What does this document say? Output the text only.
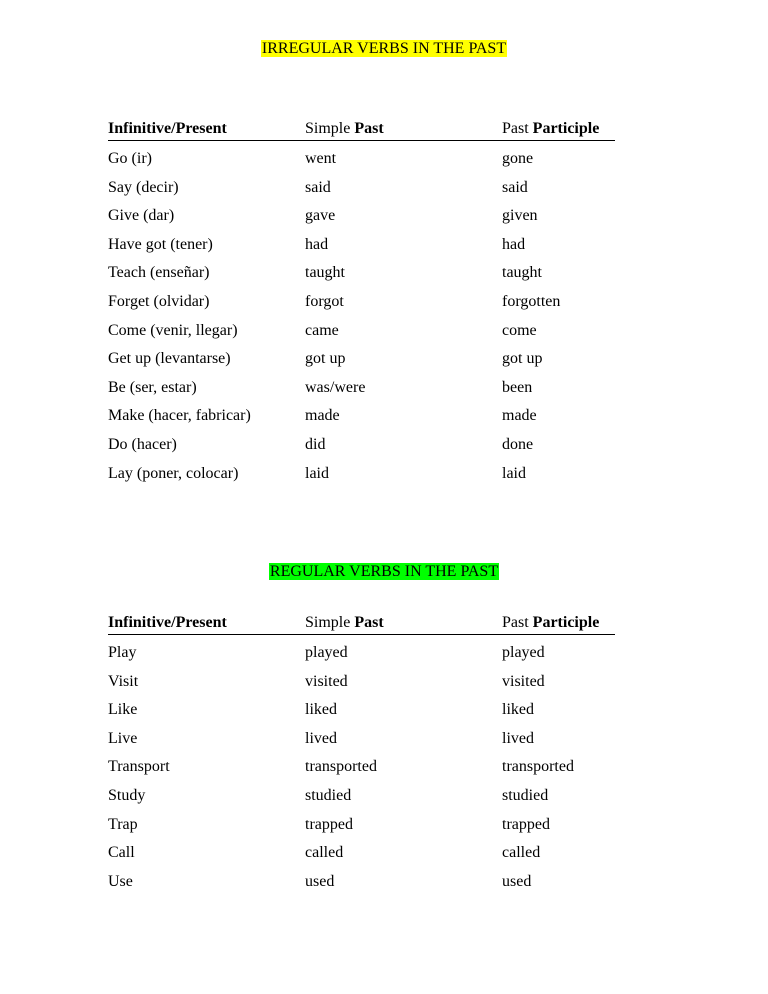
IRREGULAR VERBS IN THE PAST
Infinitive/Present	Simple Past	Past Participle
Go (ir)	went	gone
Say (decir)	said	said
Give (dar)	gave	given
Have got (tener)	had	had
Teach (enseñar)	taught	taught
Forget (olvidar)	forgot	forgotten
Come (venir, llegar)	came	come
Get up (levantarse)	got up	got up
Be (ser, estar)	was/were	been
Make (hacer, fabricar)	made	made
Do (hacer)	did	done
Lay (poner, colocar)	laid	laid
REGULAR VERBS IN THE PAST
Infinitive/Present	Simple Past	Past Participle
Play	played	played
Visit	visited	visited
Like	liked	liked
Live	lived	lived
Transport	transported	transported
Study	studied	studied
Trap	trapped	trapped
Call	called	called
Use	used	used
